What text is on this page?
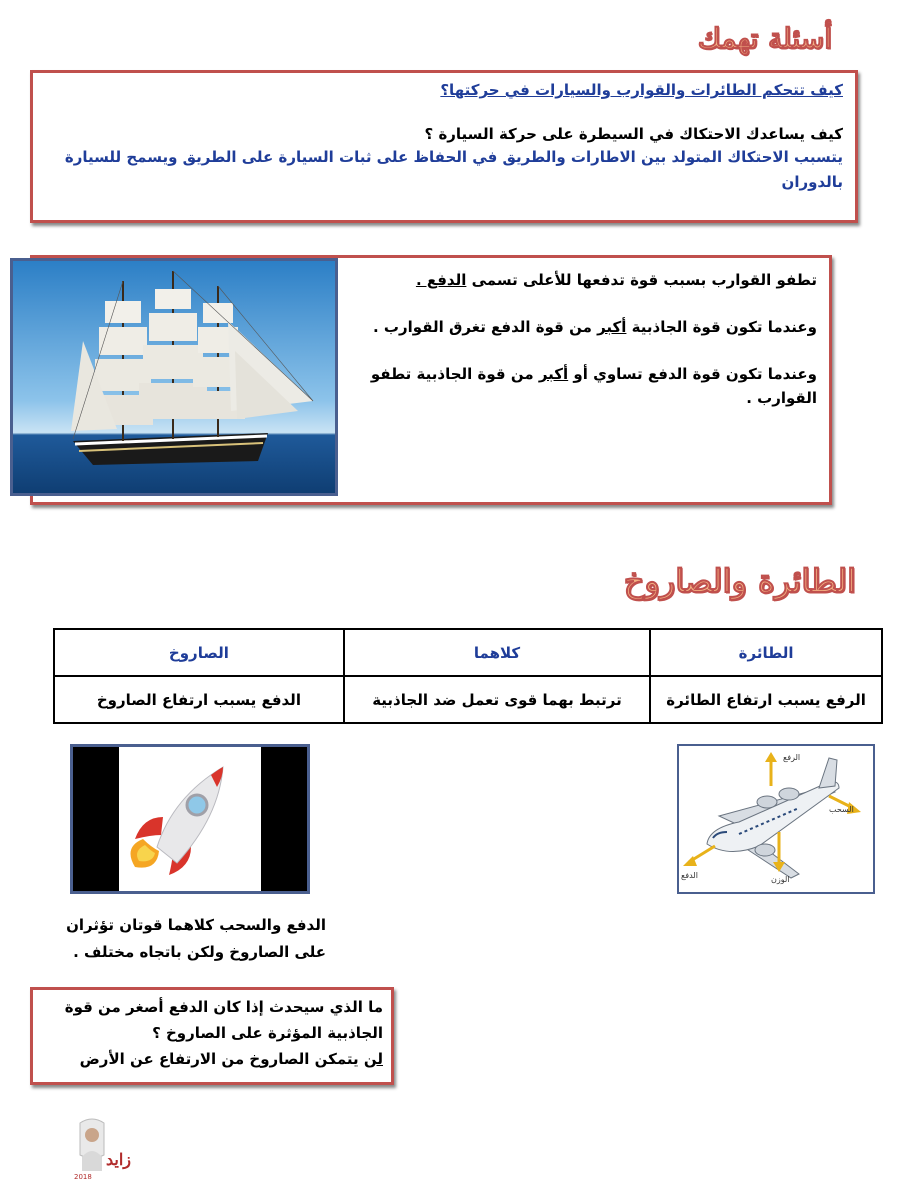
أسئلة تهمك
كيف تتحكم الطائرات والقوارب والسيارات في حركتها؟
كيف يساعدك الاحتكاك في السيطرة على حركة السيارة ؟
يتسبب الاحتكاك المتولد بين الاطارات والطريق في الحفاظ على ثبات السيارة على الطريق ويسمح للسيارة بالدوران

تطفو القوارب بسبب قوة تدفعها للأعلى تسمى الدفع .

وعندما تكون قوة الجاذبية أكبر من قوة الدفع تغرق القوارب .

وعندما تكون قوة الدفع تساوي أو أكبر من قوة الجاذبية تطفو القوارب .

الطائرة والصاروخ
الطائرة	كلاهما	الصاروخ
الرفع يسبب ارتفاع الطائرة	ترتبط بهما قوى تعمل ضد الجاذبية	الدفع يسبب ارتفاع الصاروخ
الرفع
السحب
الدفع	الوزن
الدفع والسحب كلاهما قوتان تؤثران
على الصاروخ ولكن باتجاه مختلف .
ما الذي سيحدث إذا كان الدفع أصغر من قوة
الجاذبية المؤثرة على الصاروخ ؟
لن يتمكن الصاروخ من الارتفاع عن الأرض
زايد
2018
